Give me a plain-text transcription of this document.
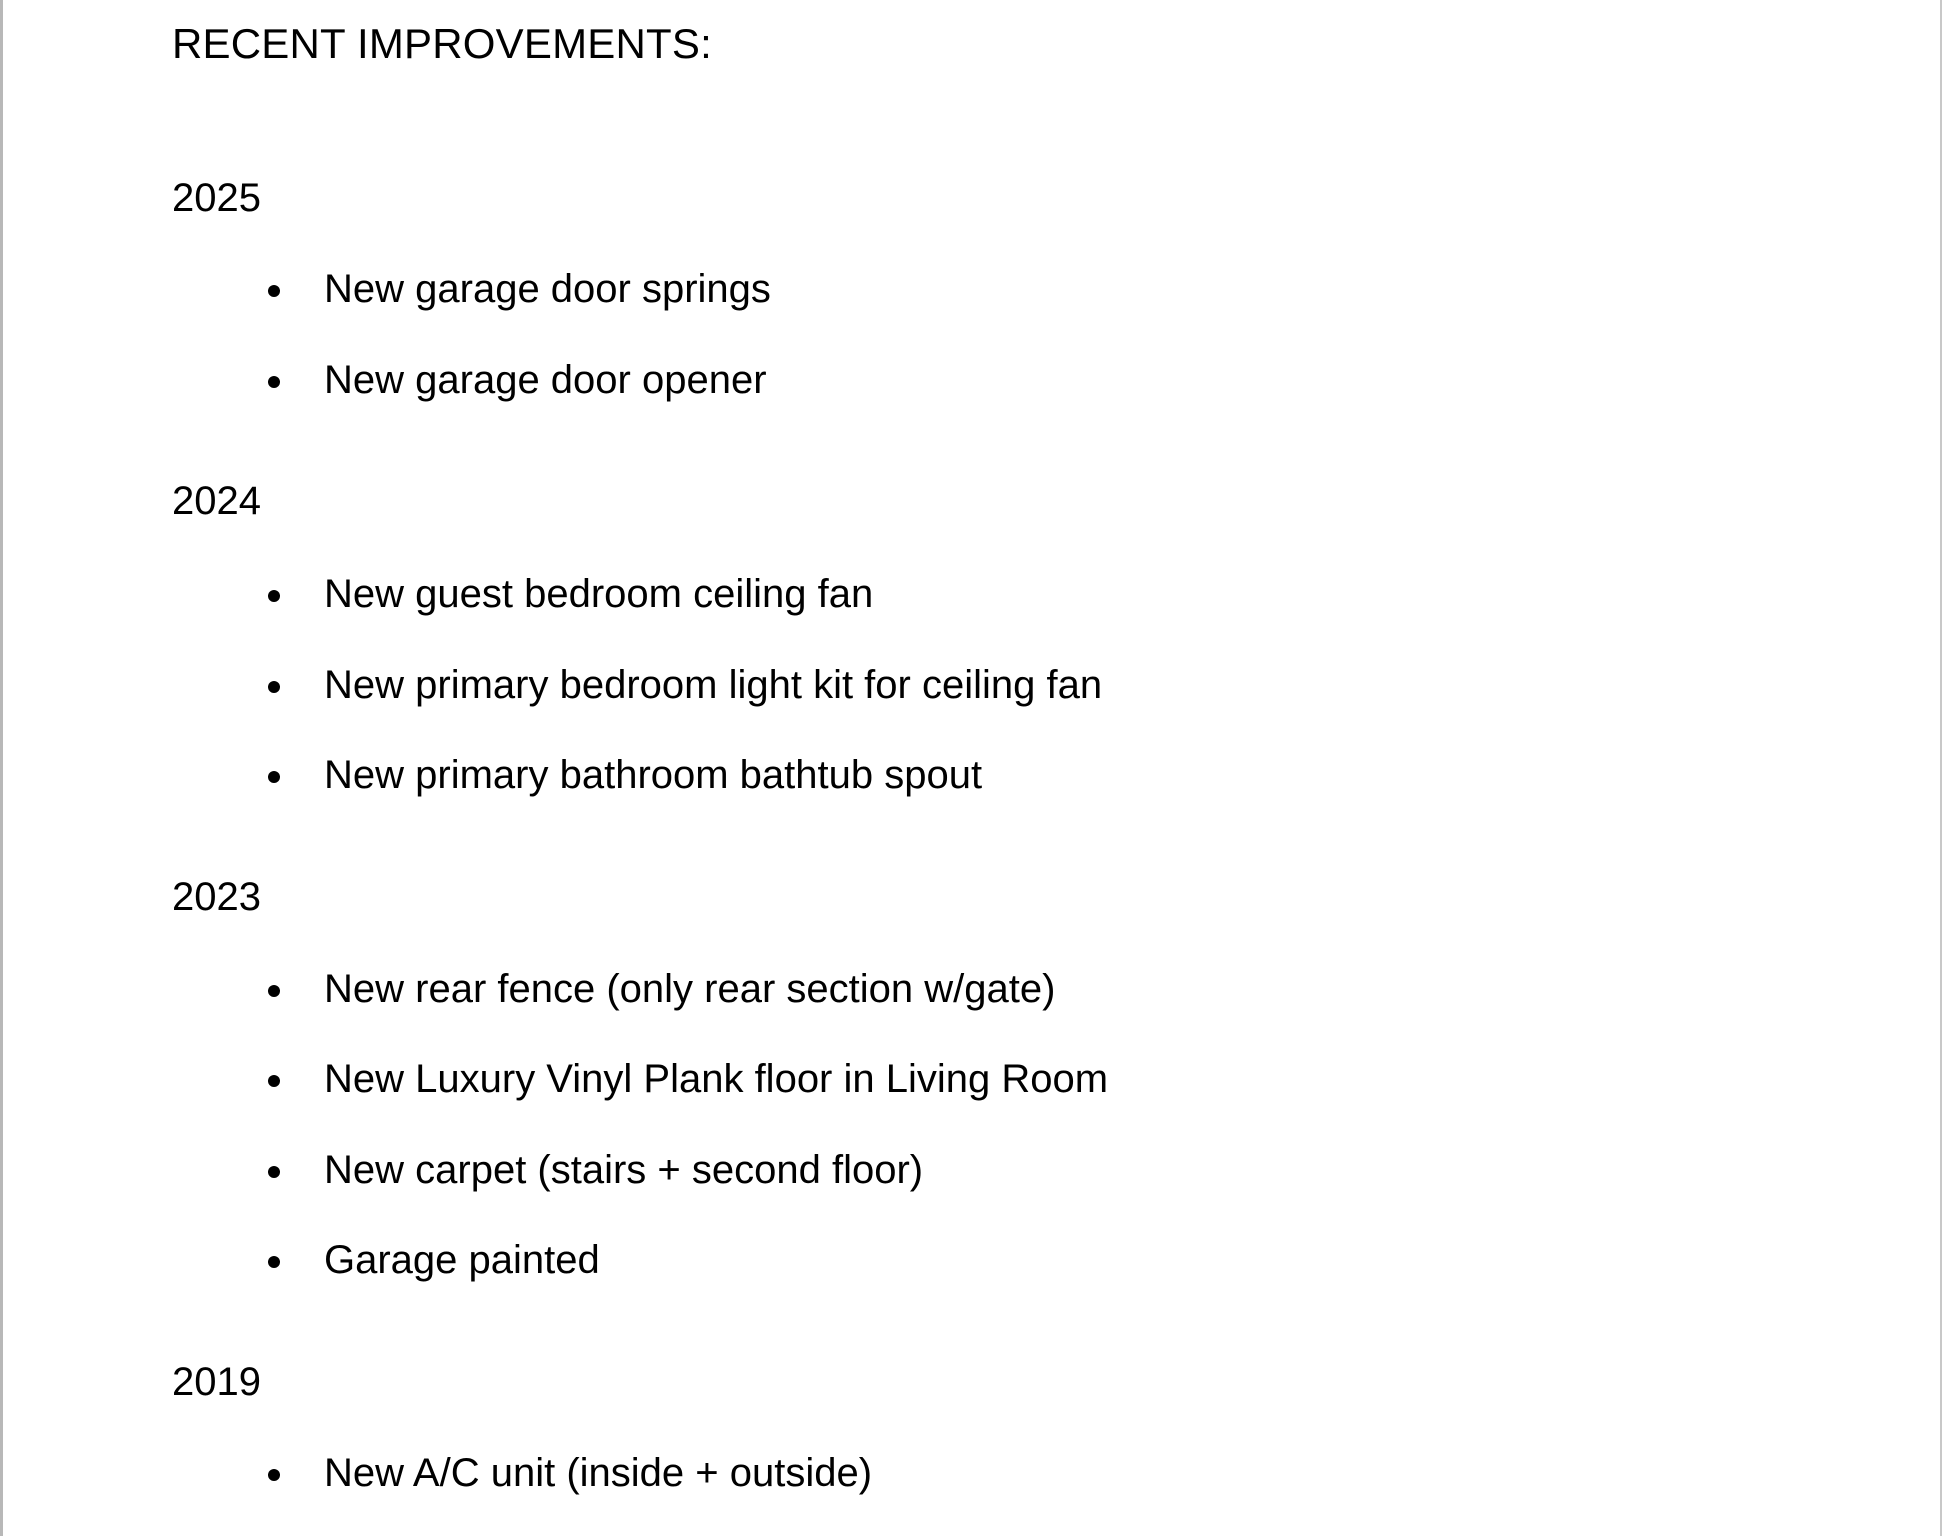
RECENT IMPROVEMENTS:
2025
New garage door springs
New garage door opener
2024
New guest bedroom ceiling fan
New primary bedroom light kit for ceiling fan
New primary bathroom bathtub spout
2023
New rear fence (only rear section w/gate)
New Luxury Vinyl Plank floor in Living Room
New carpet (stairs + second floor)
Garage painted
2019
New A/C unit (inside + outside)
